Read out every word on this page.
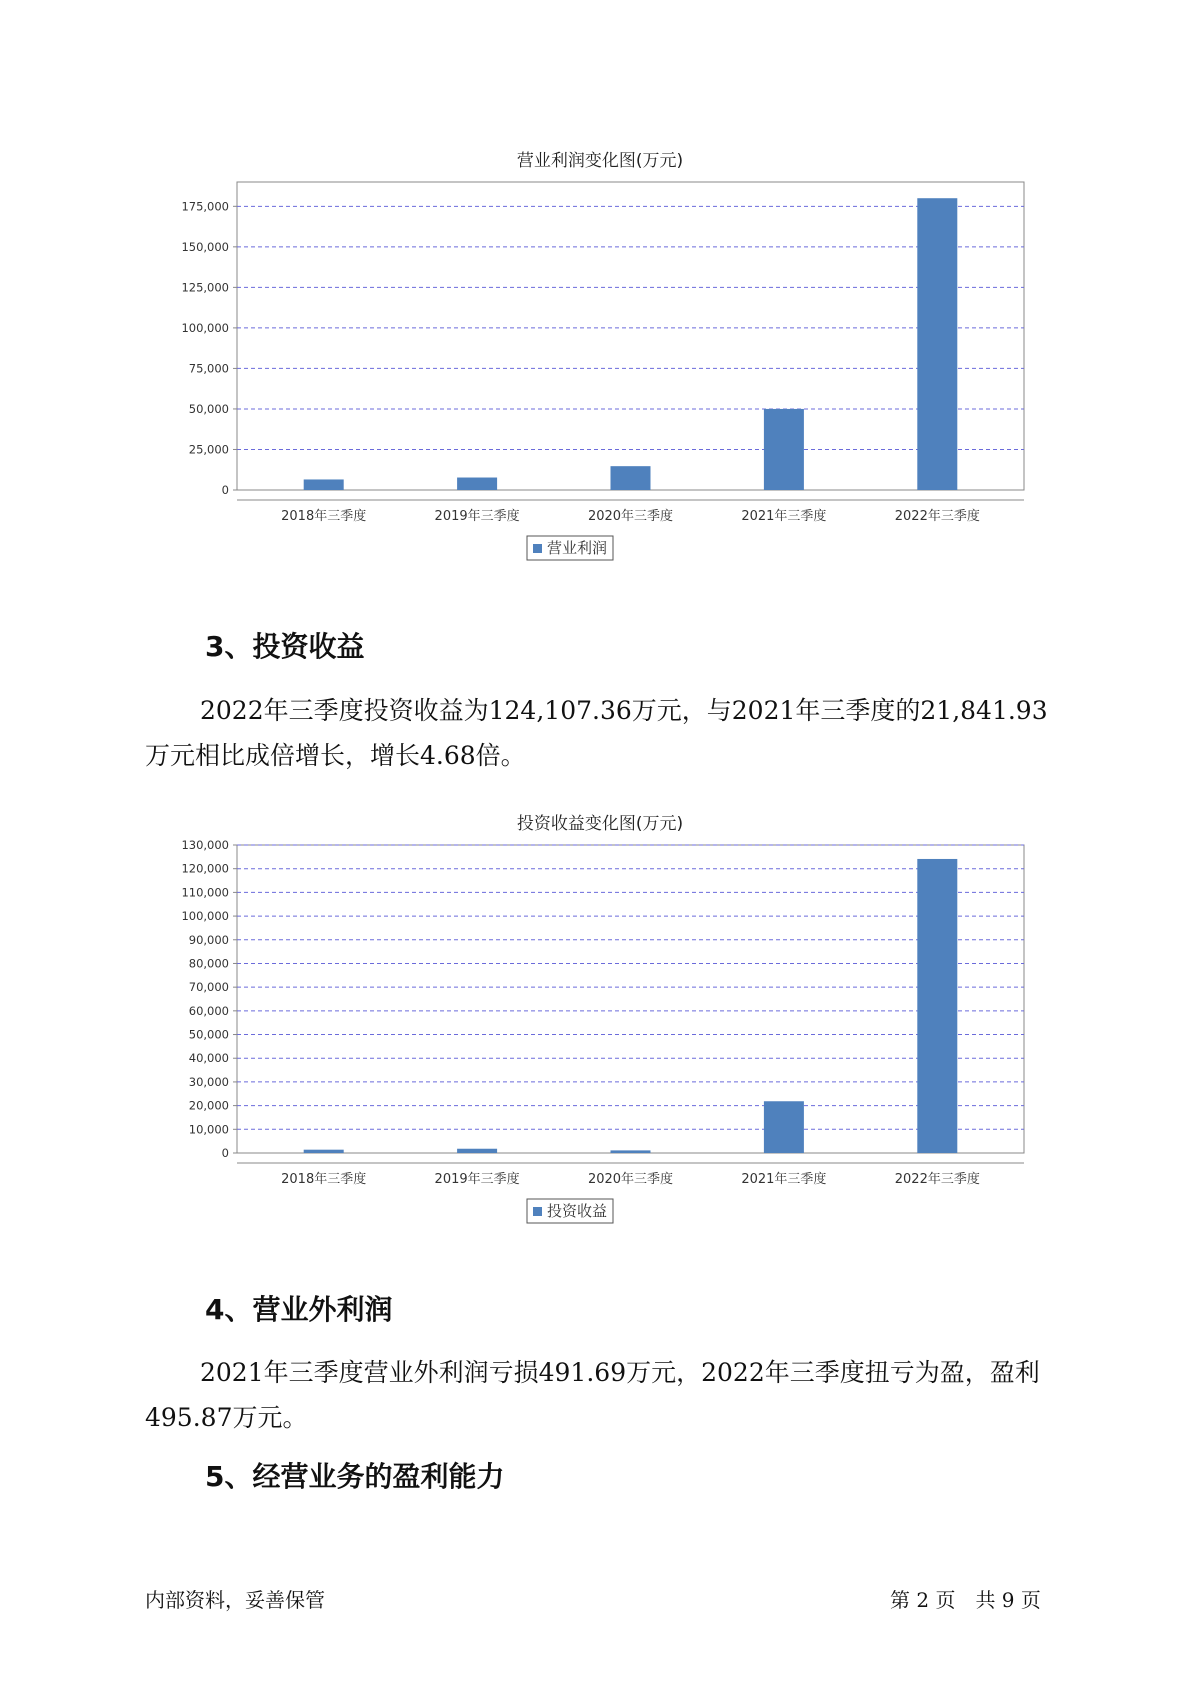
营业利润变化图(万元)
0
25,000
50,000
75,000
100,000
125,000
150,000
175,000
2018年三季度	2019年三季度	2020年三季度	2021年三季度	2022年三季度
营业利润
3、投资收益

2022年三季度投资收益为124,107.36万元，与2021年三季度的21,841.93万元相比成倍增长，增长4.68倍。

投资收益变化图(万元)
0
10,000
20,000
30,000
40,000
50,000
60,000
70,000
80,000
90,000
100,000
110,000
120,000
130,000
2018年三季度	2019年三季度	2020年三季度	2021年三季度	2022年三季度
投资收益
4、营业外利润

2021年三季度营业外利润亏损491.69万元，2022年三季度扭亏为盈，盈利495.87万元。

5、经营业务的盈利能力
内部资料，妥善保管	第 2 页　共 9 页
